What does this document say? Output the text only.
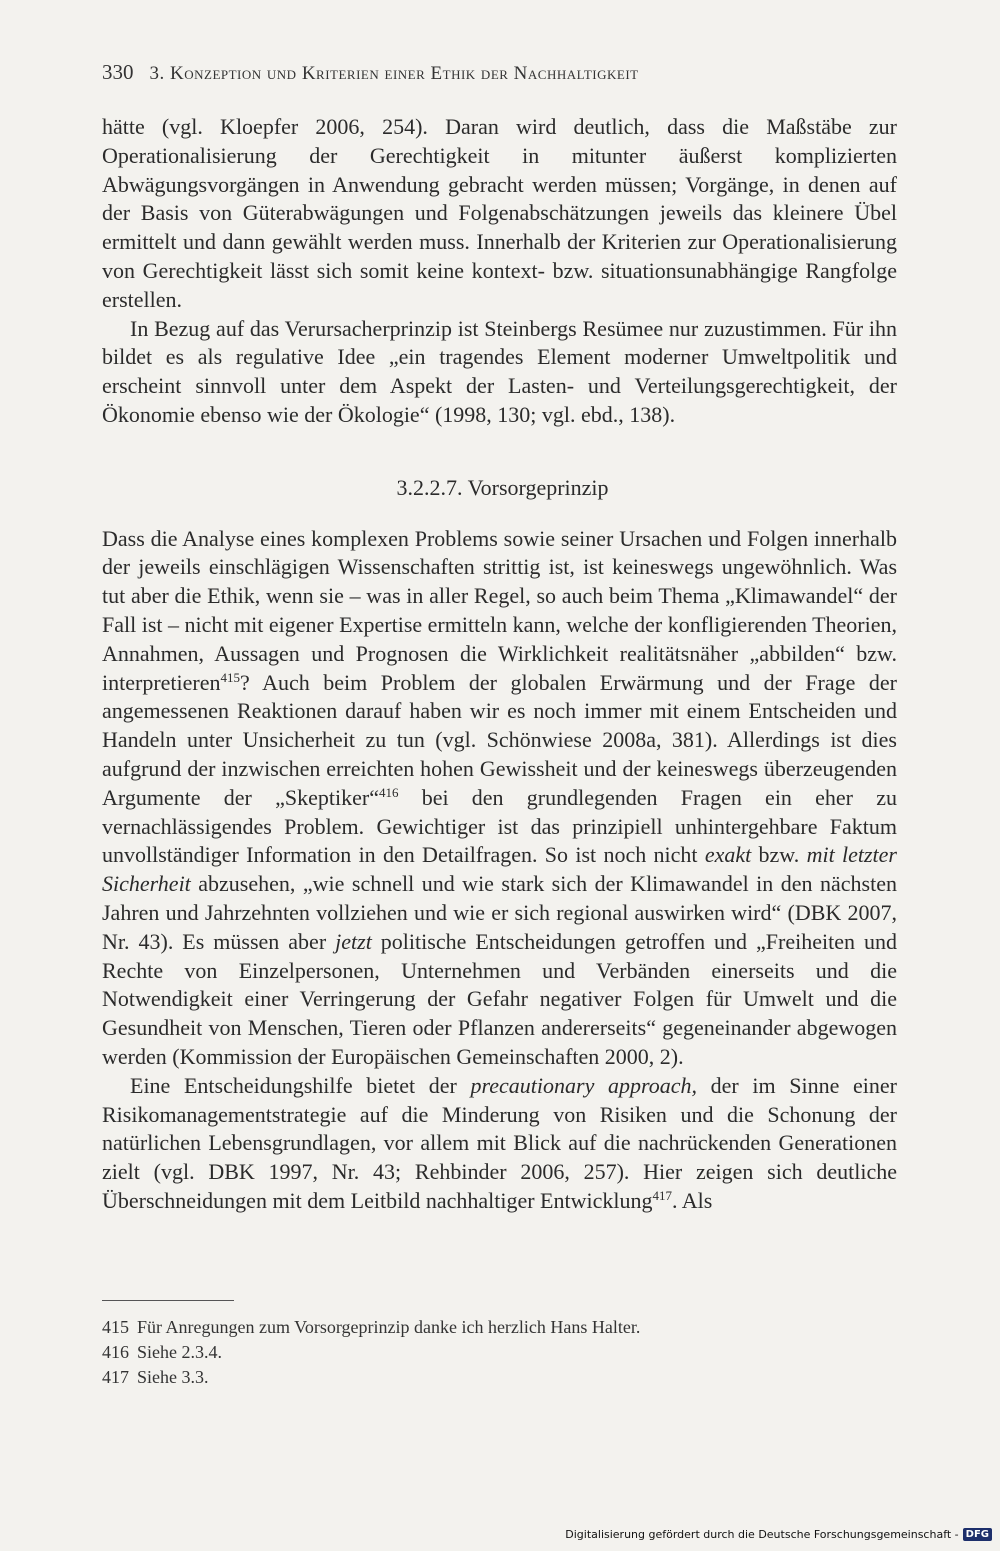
330 3. Konzeption und Kriterien einer Ethik der Nachhaltigkeit

hätte (vgl. Kloepfer 2006, 254). Daran wird deutlich, dass die Maßstäbe zur Operationalisierung der Gerechtigkeit in mitunter äußerst komplizierten Abwägungsvorgängen in Anwendung gebracht werden müssen; Vorgänge, in denen auf der Basis von Güterabwägungen und Folgenabschätzungen jeweils das kleinere Übel ermittelt und dann gewählt werden muss. Innerhalb der Kriterien zur Operationalisierung von Gerechtigkeit lässt sich somit keine kontext- bzw. situationsunabhängige Rangfolge erstellen.

In Bezug auf das Verursacherprinzip ist Steinbergs Resümee nur zuzustimmen. Für ihn bildet es als regulative Idee „ein tragendes Element moderner Umweltpolitik und erscheint sinnvoll unter dem Aspekt der Lasten- und Verteilungsgerechtigkeit, der Ökonomie ebenso wie der Ökologie“ (1998, 130; vgl. ebd., 138).

3.2.2.7. Vorsorgeprinzip

Dass die Analyse eines komplexen Problems sowie seiner Ursachen und Folgen innerhalb der jeweils einschlägigen Wissenschaften strittig ist, ist keineswegs ungewöhnlich. Was tut aber die Ethik, wenn sie – was in aller Regel, so auch beim Thema „Klimawandel“ der Fall ist – nicht mit eigener Expertise ermitteln kann, welche der konfligierenden Theorien, Annahmen, Aussagen und Prognosen die Wirklichkeit realitätsnäher „abbilden“ bzw. interpretieren$^{415}$? Auch beim Problem der globalen Erwärmung und der Frage der angemessenen Reaktionen darauf haben wir es noch immer mit einem Entscheiden und Handeln unter Unsicherheit zu tun (vgl. Schönwiese 2008a, 381). Allerdings ist dies aufgrund der inzwischen erreichten hohen Gewissheit und der keineswegs überzeugenden Argumente der „Skeptiker“$^{416}$ bei den grundlegenden Fragen ein eher zu vernachlässigendes Problem. Gewichtiger ist das prinzipiell unhintergehbare Faktum unvollständiger Information in den Detailfragen. So ist noch nicht exakt bzw. mit letzter Sicherheit abzusehen, „wie schnell und wie stark sich der Klimawandel in den nächsten Jahren und Jahrzehnten vollziehen und wie er sich regional auswirken wird“ (DBK 2007, Nr. 43). Es müssen aber jetzt politische Entscheidungen getroffen und „Freiheiten und Rechte von Einzelpersonen, Unternehmen und Verbänden einerseits und die Notwendigkeit einer Verringerung der Gefahr negativer Folgen für Umwelt und die Gesundheit von Menschen, Tieren oder Pflanzen andererseits“ gegeneinander abgewogen werden (Kommission der Europäischen Gemeinschaften 2000, 2).

Eine Entscheidungshilfe bietet der precautionary approach, der im Sinne einer Risikomanagementstrategie auf die Minderung von Risiken und die Schonung der natürlichen Lebensgrundlagen, vor allem mit Blick auf die nachrückenden Generationen zielt (vgl. DBK 1997, Nr. 43; Rehbinder 2006, 257). Hier zeigen sich deutliche Überschneidungen mit dem Leitbild nachhaltiger Entwicklung$^{417}$. Als

415 Für Anregungen zum Vorsorgeprinzip danke ich herzlich Hans Halter.
416 Siehe 2.3.4.
417 Siehe 3.3.
Digitalisierung gefördert durch die Deutsche Forschungsgemeinschaft - DFG
